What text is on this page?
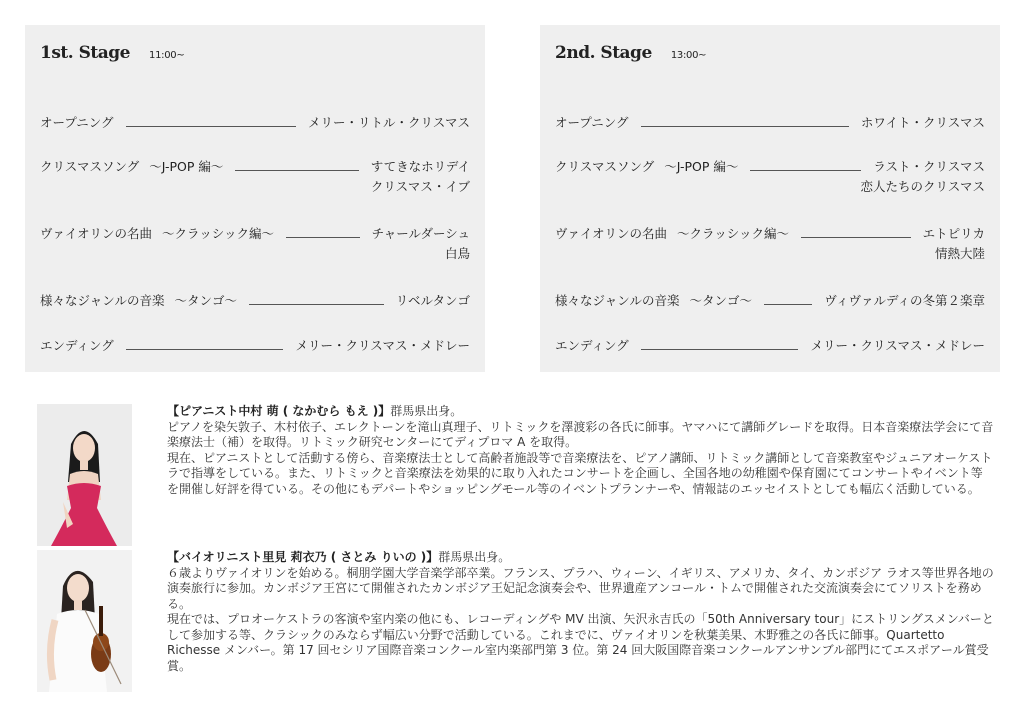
1st. Stage 11:00~
オープニング	メリー・リトル・クリスマス
クリスマスソング ～J-POP 編～	すてきなホリデイ
クリスマス・イブ
ヴァイオリンの名曲 ～クラッシック編～	チャールダーシュ
白鳥
様々なジャンルの音楽 ～タンゴ～	リベルタンゴ
エンディング	メリー・クリスマス・メドレー
2nd. Stage 13:00~
オープニング	ホワイト・クリスマス
クリスマスソング ～J-POP 編～	ラスト・クリスマス
恋人たちのクリスマス
ヴァイオリンの名曲 ～クラッシック編～	エトピリカ
情熱大陸
様々なジャンルの音楽 ～タンゴ～	ヴィヴァルディの冬第２楽章
エンディング	メリー・クリスマス・メドレー

【ピアニスト中村 萌 ( なかむら もえ )】群馬県出身。

ピアノを染矢敦子、木村依子、エレクトーンを滝山真理子、リトミックを澤渡彩の各氏に師事。ヤマハにて講師グレードを取得。日本音楽療法学会にて音楽療法士（補）を取得。リトミック研究センターにてディプロマ A を取得。

現在、ピアニストとして活動する傍ら、音楽療法士として高齢者施設等で音楽療法を、ピアノ講師、リトミック講師として音楽教室やジュニアオーケストラで指導をしている。また、リトミックと音楽療法を効果的に取り入れたコンサートを企画し、全国各地の幼稚園や保育園にてコンサートやイベント等を開催し好評を得ている。その他にもデパートやショッピングモール等のイベントプランナーや、情報誌のエッセイストとしても幅広く活動している。

【バイオリニスト里見 莉衣乃 ( さとみ りいの )】群馬県出身。

６歳よりヴァイオリンを始める。桐朋学園大学音楽学部卒業。フランス、プラハ、ウィーン、イギリス、アメリカ、タイ、カンボジア ラオス等世界各地の演奏旅行に参加。カンボジア王宮にて開催されたカンボジア王妃記念演奏会や、世界遺産アンコール・トムで開催された交流演奏会にてソリストを務める。

現在では、プロオーケストラの客演や室内楽の他にも、レコーディングや MV 出演、矢沢永吉氏の「50th Anniversary tour」にストリングスメンバーとして参加する等、クラシックのみならず幅広い分野で活動している。これまでに、ヴァイオリンを秋葉美果、木野雅之の各氏に師事。Quartetto Richesse メンバー。第 17 回セシリア国際音楽コンクール室内楽部門第 3 位。第 24 回大阪国際音楽コンクールアンサンブル部門にてエスポアール賞受賞。
